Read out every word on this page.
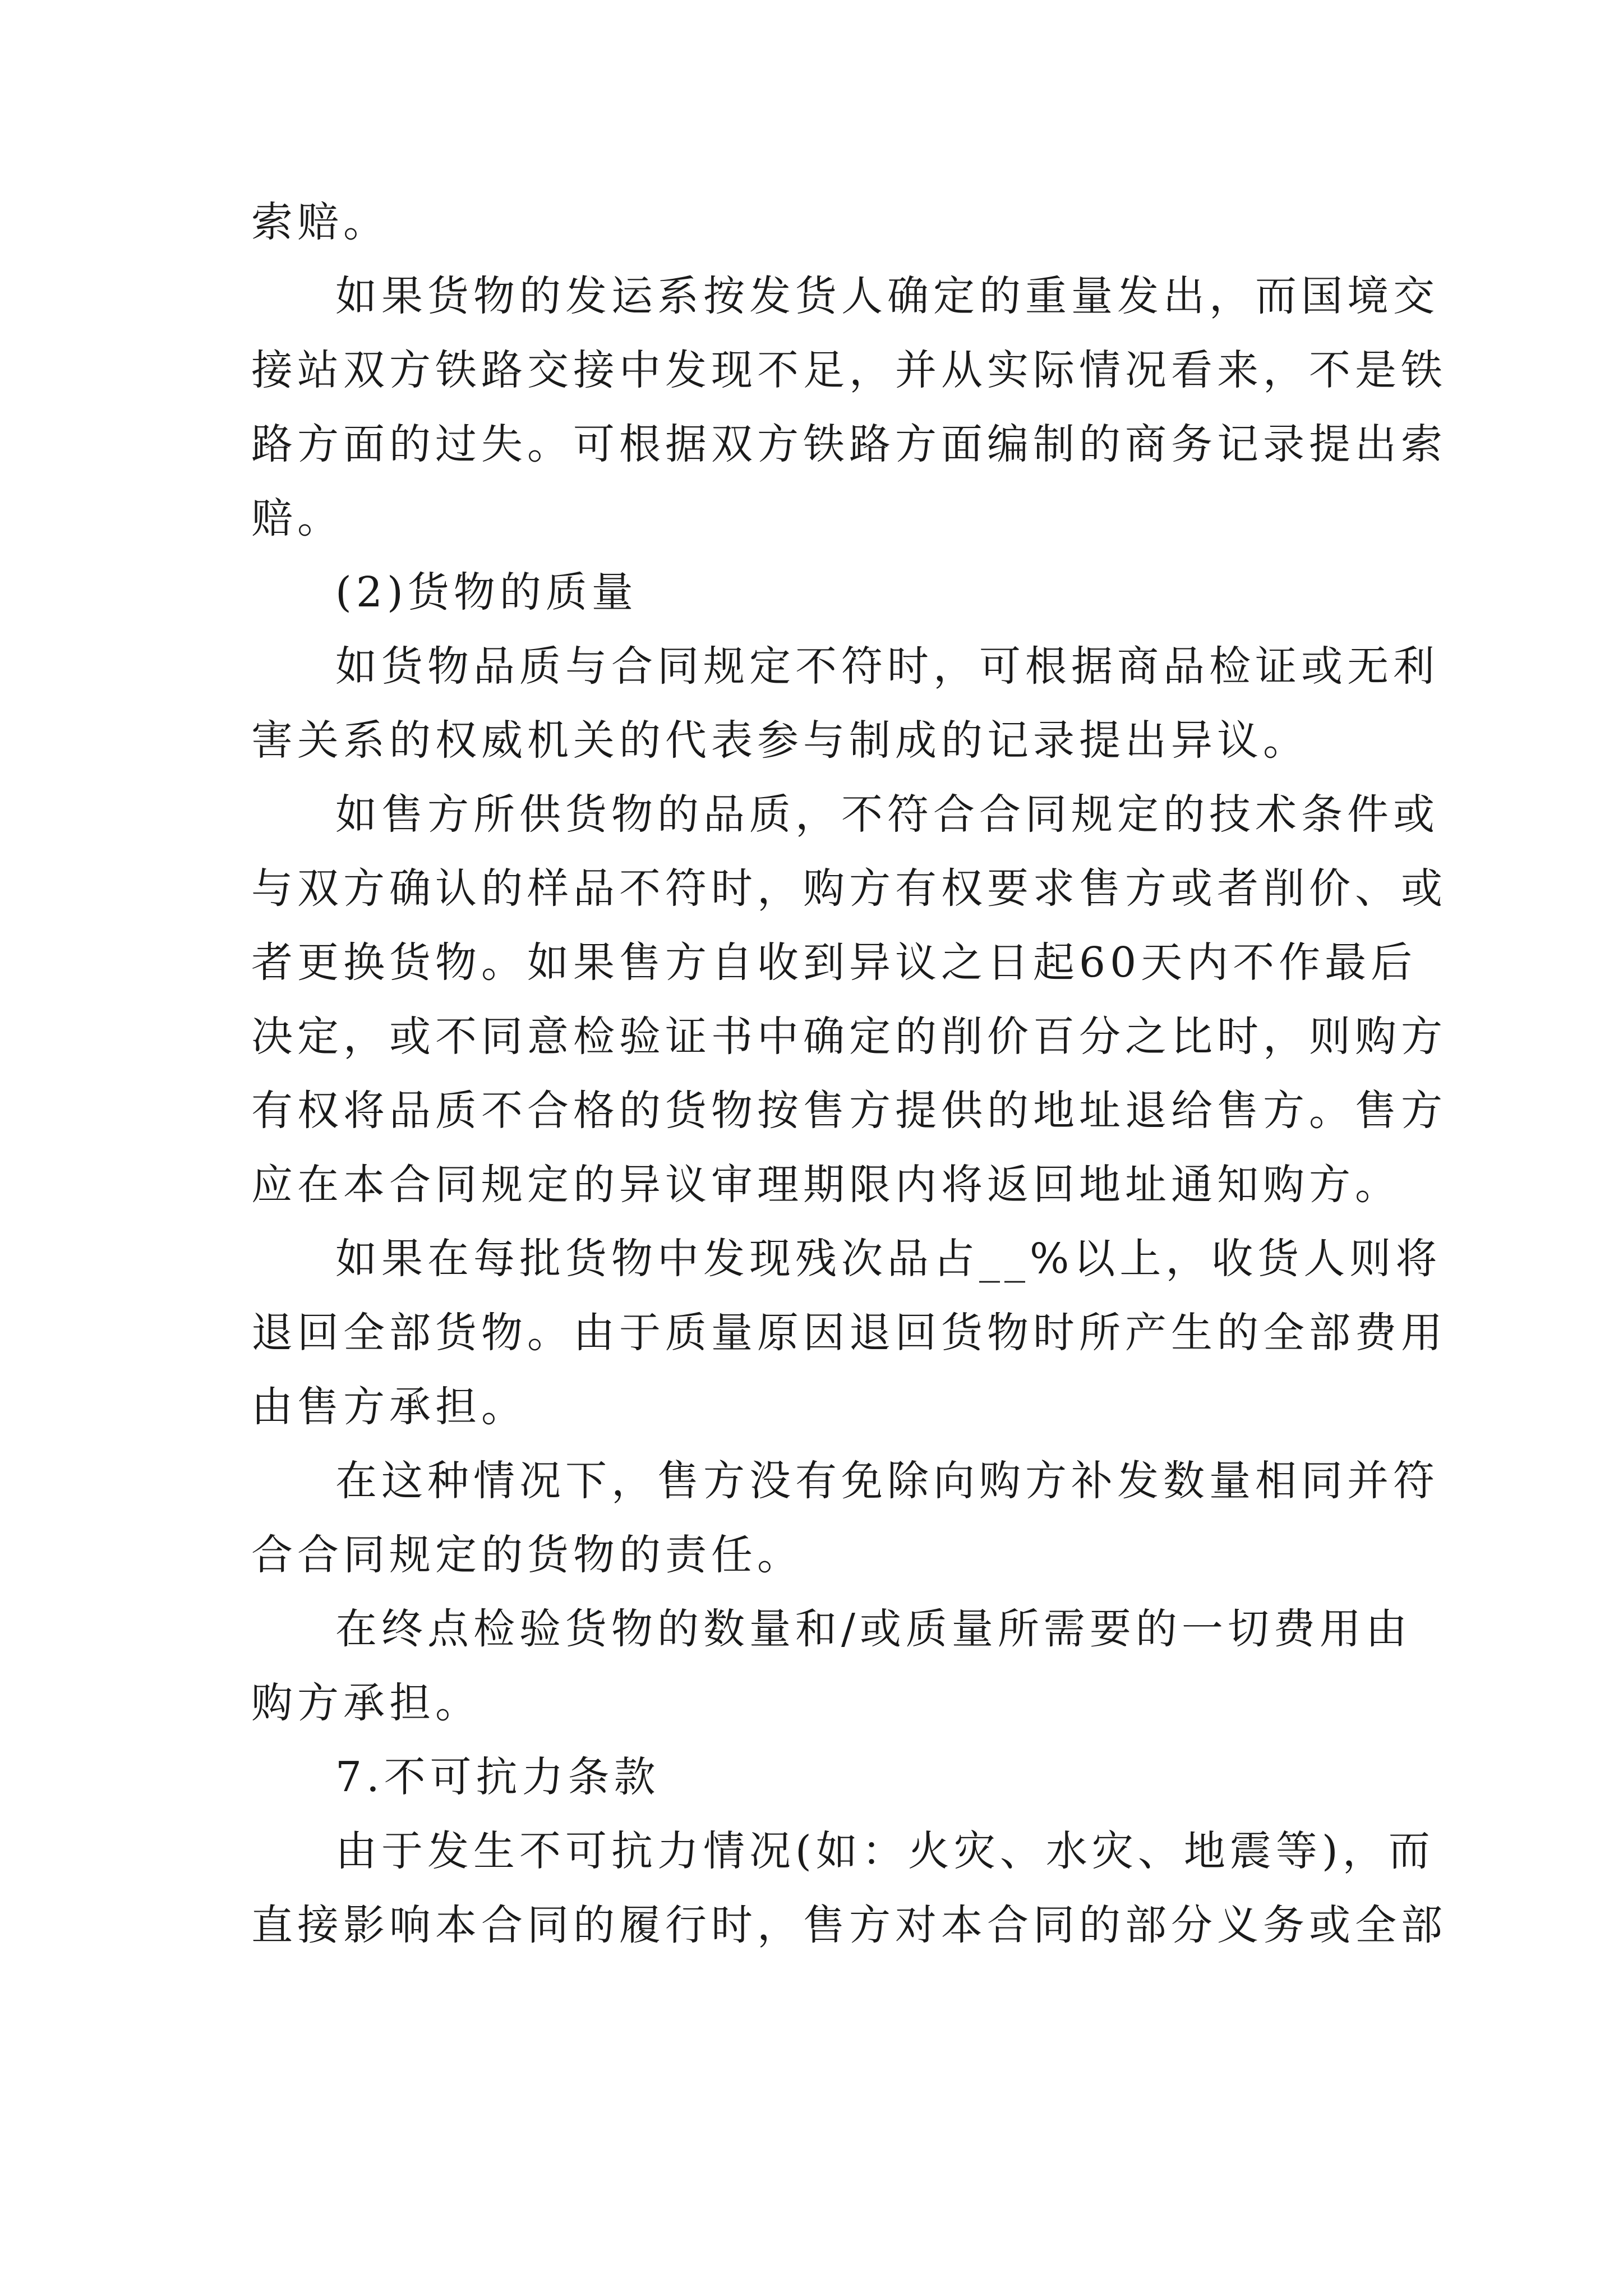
索赔。
如果货物的发运系按发货人确定的重量发出，而国境交
接站双方铁路交接中发现不足，并从实际情况看来，不是铁
路方面的过失。可根据双方铁路方面编制的商务记录提出索
赔。
(2)货物的质量
如货物品质与合同规定不符时，可根据商品检证或无利
害关系的权威机关的代表参与制成的记录提出异议。
如售方所供货物的品质，不符合合同规定的技术条件或
与双方确认的样品不符时，购方有权要求售方或者削价、或
者更换货物。如果售方自收到异议之日起60天内不作最后
决定，或不同意检验证书中确定的削价百分之比时，则购方
有权将品质不合格的货物按售方提供的地址退给售方。售方
应在本合同规定的异议审理期限内将返回地址通知购方。
如果在每批货物中发现残次品占__%以上，收货人则将
退回全部货物。由于质量原因退回货物时所产生的全部费用
由售方承担。
在这种情况下，售方没有免除向购方补发数量相同并符
合合同规定的货物的责任。
在终点检验货物的数量和/或质量所需要的一切费用由
购方承担。
7.不可抗力条款
由于发生不可抗力情况(如：火灾、水灾、地震等)，而
直接影响本合同的履行时，售方对本合同的部分义务或全部
